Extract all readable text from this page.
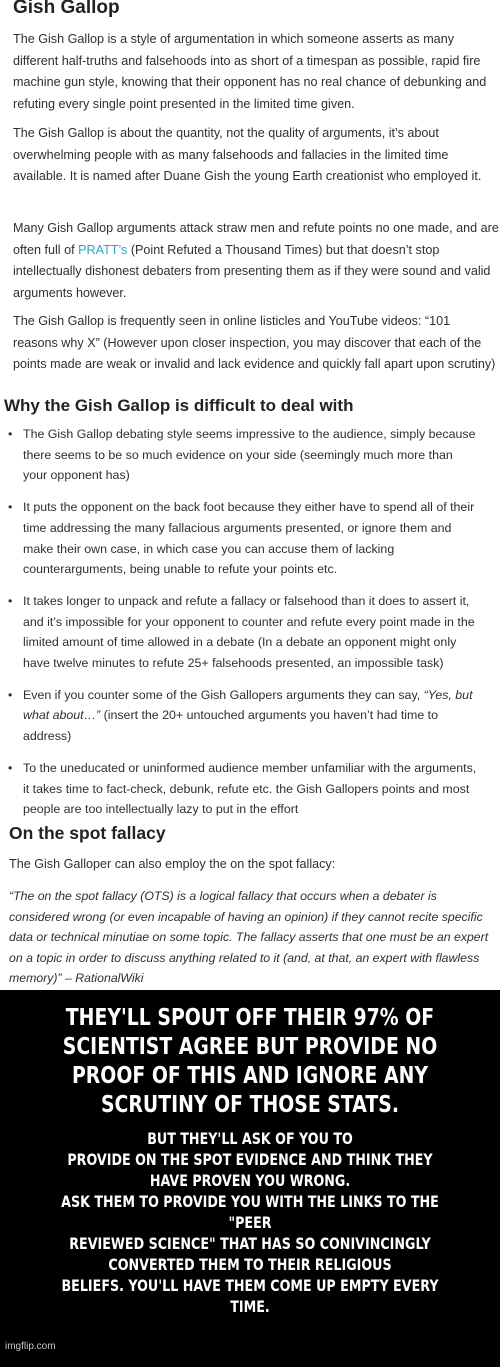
Gish Gallop

The Gish Gallop is a style of argumentation in which someone asserts as many different half-truths and falsehoods into as short of a timespan as possible, rapid fire machine gun style, knowing that their opponent has no real chance of debunking and refuting every single point presented in the limited time given.

The Gish Gallop is about the quantity, not the quality of arguments, it’s about overwhelming people with as many falsehoods and fallacies in the limited time available. It is named after Duane Gish the young Earth creationist who employed it.

Many Gish Gallop arguments attack straw men and refute points no one made, and are often full of PRATT’s (Point Refuted a Thousand Times) but that doesn’t stop intellectually dishonest debaters from presenting them as if they were sound and valid arguments however.

The Gish Gallop is frequently seen in online listicles and YouTube videos: “101 reasons why X” (However upon closer inspection, you may discover that each of the points made are weak or invalid and lack evidence and quickly fall apart upon scrutiny)

Why the Gish Gallop is difficult to deal with
• The Gish Gallop debating style seems impressive to the audience, simply because there seems to be so much evidence on your side (seemingly much more than your opponent has)
• It puts the opponent on the back foot because they either have to spend all of their time addressing the many fallacious arguments presented, or ignore them and make their own case, in which case you can accuse them of lacking counterarguments, being unable to refute your points etc.
• It takes longer to unpack and refute a fallacy or falsehood than it does to assert it, and it’s impossible for your opponent to counter and refute every point made in the limited amount of time allowed in a debate (In a debate an opponent might only have twelve minutes to refute 25+ falsehoods presented, an impossible task)
• Even if you counter some of the Gish Gallopers arguments they can say, “Yes, but what about…” (insert the 20+ untouched arguments you haven’t had time to address)
• To the uneducated or uninformed audience member unfamiliar with the arguments, it takes time to fact-check, debunk, refute etc. the Gish Gallopers points and most people are too intellectually lazy to put in the effort
On the spot fallacy

The Gish Galloper can also employ the on the spot fallacy:

“The on the spot fallacy (OTS) is a logical fallacy that occurs when a debater is considered wrong (or even incapable of having an opinion) if they cannot recite specific data or technical minutiae on some topic. The fallacy asserts that one must be an expert on a topic in order to discuss anything related to it (and, at that, an expert with flawless memory)” – RationalWiki

THEY'LL SPOUT OFF THEIR 97% OF SCIENTIST AGREE BUT PROVIDE NO PROOF OF THIS AND IGNORE ANY SCRUTINY OF THOSE STATS.
BUT THEY'LL ASK OF YOU TO
PROVIDE ON THE SPOT EVIDENCE AND THINK THEY
HAVE PROVEN YOU WRONG.
ASK THEM TO PROVIDE YOU WITH THE LINKS TO THE "PEER
REVIEWED SCIENCE" THAT HAS SO CONIVINCINGLY
CONVERTED THEM TO THEIR RELIGIOUS
BELIEFS. YOU'LL HAVE THEM COME UP EMPTY EVERY TIME.
imgflip.com
